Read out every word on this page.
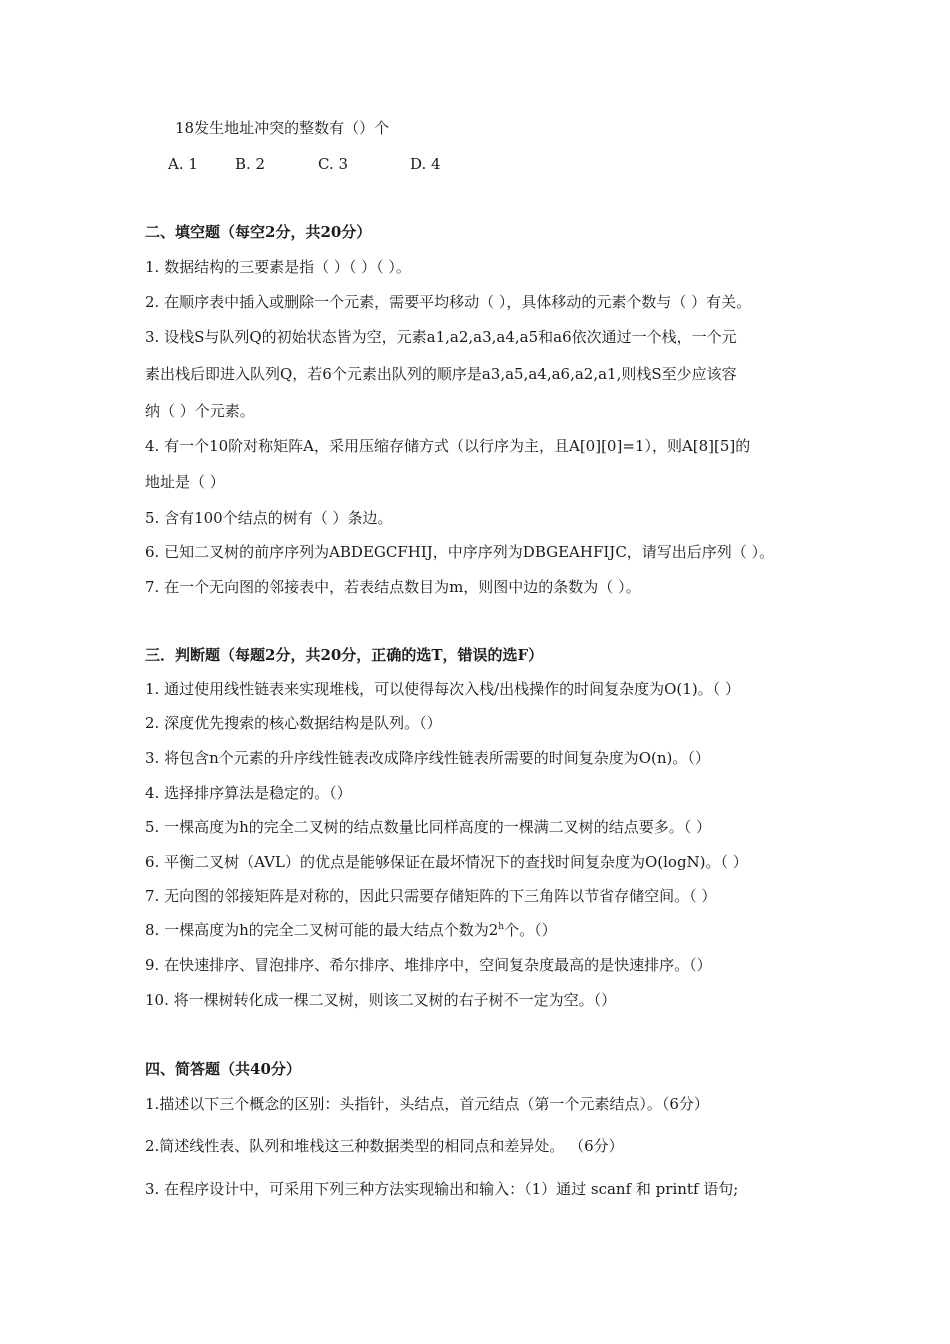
18发生地址冲突的整数有（）个
A. 1 B. 2	C. 3	D. 4
二、填空题（每空2分，共20分）
1. 数据结构的三要素是指（ ）（ ）（ ）。
2. 在顺序表中插入或删除一个元素，需要平均移动（ ），具体移动的元素个数与（ ）有关。
3. 设栈S与队列Q的初始状态皆为空，元素a1,a2,a3,a4,a5和a6依次通过一个栈，一个元
素出栈后即进入队列Q，若6个元素出队列的顺序是a3,a5,a4,a6,a2,a1,则栈S至少应该容
纳（ ）个元素。
4. 有一个10阶对称矩阵A，采用压缩存储方式（以行序为主，且A[0][0]=1），则A[8][5]的
地址是（ ）
5. 含有100个结点的树有（ ）条边。
6. 已知二叉树的前序序列为ABDEGCFHIJ，中序序列为DBGEAHFIJC，请写出后序列（ ）。
7. 在一个无向图的邻接表中，若表结点数目为m，则图中边的条数为（ ）。
三．判断题（每题2分，共20分，正确的选T，错误的选F）
1. 通过使用线性链表来实现堆栈，可以使得每次入栈/出栈操作的时间复杂度为O(1)。（ ）
2. 深度优先搜索的核心数据结构是队列。（）
3. 将包含n个元素的升序线性链表改成降序线性链表所需要的时间复杂度为O(n)。（）
4. 选择排序算法是稳定的。（）
5. 一棵高度为h的完全二叉树的结点数量比同样高度的一棵满二叉树的结点要多。（ ）
6. 平衡二叉树（AVL）的优点是能够保证在最坏情况下的查找时间复杂度为O(logN)。（ ）
7. 无向图的邻接矩阵是对称的，因此只需要存储矩阵的下三角阵以节省存储空间。（ ）
8. 一棵高度为h的完全二叉树可能的最大结点个数为2$^h$个。（）
9. 在快速排序、冒泡排序、希尔排序、堆排序中，空间复杂度最高的是快速排序。（）
10. 将一棵树转化成一棵二叉树，则该二叉树的右子树不一定为空。（）
四、简答题（共40分）
1.描述以下三个概念的区别：头指针，头结点，首元结点（第一个元素结点）。（6分）
2.简述线性表、队列和堆栈这三种数据类型的相同点和差异处。 （6分）
3. 在程序设计中，可采用下列三种方法实现输出和输入：（1）通过 scanf 和 printf 语句;
